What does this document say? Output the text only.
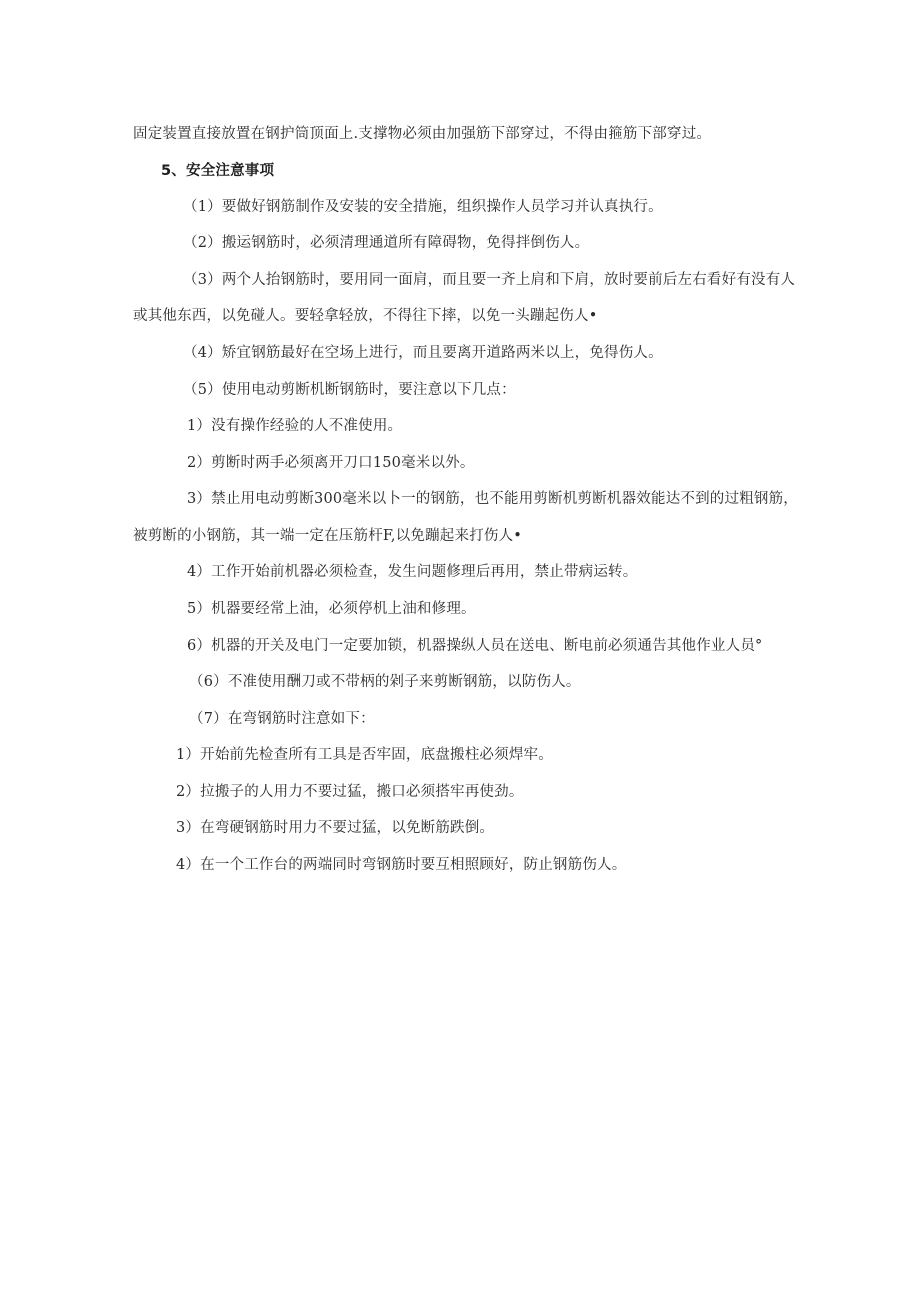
固定装置直接放置在钢护筒顶面上.支撑物必须由加强筋下部穿过，不得由箍筋下部穿过。
5、安全注意事项
（1）要做好钢筋制作及安装的安全措施，组织操作人员学习并认真执行。
（2）搬运钢筋时，必须清理通道所有障碍物，免得拌倒伤人。
（3）两个人抬钢筋时，要用同一面肩，而且要一齐上肩和下肩，放时要前后左右看好有没有人
或其他东西，以免碰人。要轻拿轻放，不得往下摔，以免一头蹦起伤人•
（4）矫宜钢筋最好在空场上进行，而且要离开道路两米以上，免得伤人。
（5）使用电动剪断机断钢筋时，要注意以下几点：
1）没有操作经验的人不准使用。
2）剪断时两手必须离开刀口150毫米以外。
3）禁止用电动剪断300毫米以卜一的钢筋，也不能用剪断机剪断机器效能达不到的过粗钢筋，
被剪断的小钢筋，其一端一定在压筋杆F,以免蹦起来打伤人•
4）工作开始前机器必须检查，发生问题修理后再用，禁止带病运转。
5）机器要经常上油，必须停机上油和修理。
6）机器的开关及电门一定要加锁，机器操纵人员在送电、断电前必须通告其他作业人员°
（6）不准使用酬刀或不带柄的剁子来剪断钢筋，以防伤人。
（7）在弯钢筋时注意如下：
1）开始前先检查所有工具是否牢固，底盘搬柱必须焊牢。
2）拉搬子的人用力不要过猛，搬口必须搭牢再使劲。
3）在弯硬钢筋时用力不要过猛，以免断筋跌倒。
4）在一个工作台的两端同时弯钢筋时要互相照顾好，防止钢筋伤人。
